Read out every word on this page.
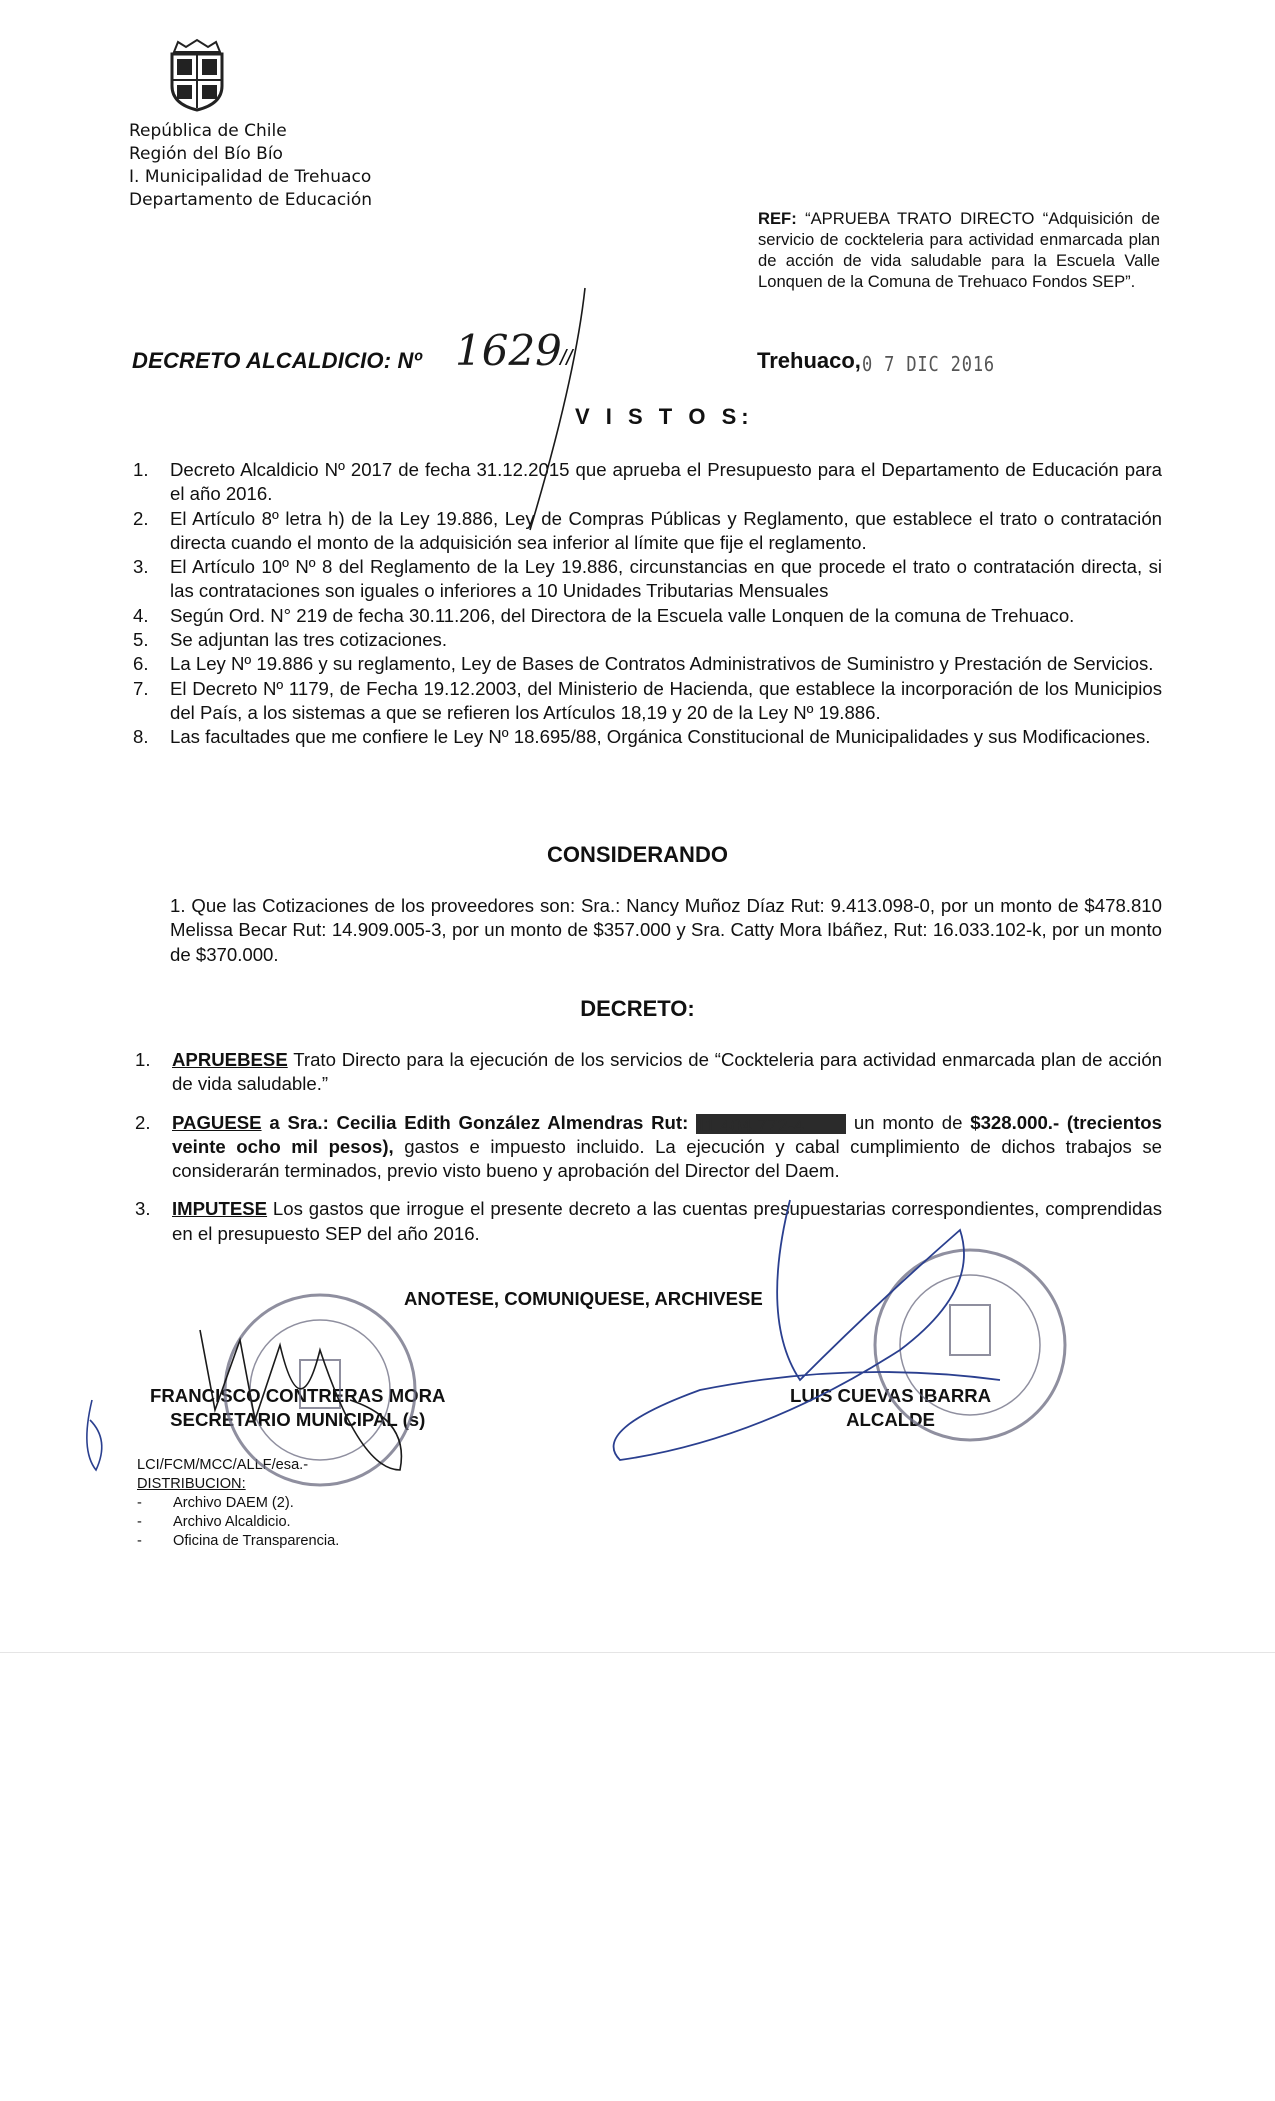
República de Chile
Región del Bío Bío
I. Municipalidad de Trehuaco
Departamento de Educación
REF: “APRUEBA TRATO DIRECTO “Adquisición de servicio de cockteleria para actividad enmarcada plan de acción de vida saludable para la Escuela Valle Lonquen de la Comuna de Trehuaco Fondos SEP”.
DECRETO ALCALDICIO: Nº 1629
//	Trehuaco, 0 7 DIC 2016
V I S T O S:
1. Decreto Alcaldicio Nº 2017 de fecha 31.12.2015 que aprueba el Presupuesto para el Departamento de Educación para el año 2016.
2. El Artículo 8º letra h) de la Ley 19.886, Ley de Compras Públicas y Reglamento, que establece el trato o contratación directa cuando el monto de la adquisición sea inferior al límite que fije el reglamento.
3. El Artículo 10º Nº 8 del Reglamento de la Ley 19.886, circunstancias en que procede el trato o contratación directa, si las contrataciones son iguales o inferiores a 10 Unidades Tributarias Mensuales
4. Según Ord. N° 219 de fecha 30.11.206, del Directora de la Escuela valle Lonquen de la comuna de Trehuaco.
5. Se adjuntan las tres cotizaciones.
6. La Ley Nº 19.886 y su reglamento, Ley de Bases de Contratos Administrativos de Suministro y Prestación de Servicios.
7. El Decreto Nº 1179, de Fecha 19.12.2003, del Ministerio de Hacienda, que establece la incorporación de los Municipios del País, a los sistemas a que se refieren los Artículos 18,19 y 20 de la Ley Nº 19.886.
8. Las facultades que me confiere le Ley Nº 18.695/88, Orgánica Constitucional de Municipalidades y sus Modificaciones.
CONSIDERANDO
1. Que las Cotizaciones de los proveedores son: Sra.: Nancy Muñoz Díaz Rut: 9.413.098-0, por un monto de $478.810 Melissa Becar Rut: 14.909.005-3, por un monto de $357.000 y Sra. Catty Mora Ibáñez, Rut: 16.033.102-k, por un monto de $370.000.
DECRETO:
1. APRUEBESE Trato Directo para la ejecución de los servicios de “Cockteleria para actividad enmarcada plan de acción de vida saludable.”
2. PAGUESE a Sra.: Cecilia Edith González Almendras Rut: 11.404.772-4 un monto de $328.000.- (trecientos veinte ocho mil pesos), gastos e impuesto incluido. La ejecución y cabal cumplimiento de dichos trabajos se considerarán terminados, previo visto bueno y aprobación del Director del Daem.
3. IMPUTESE Los gastos que irrogue el presente decreto a las cuentas presupuestarias correspondientes, comprendidas en el presupuesto SEP del año 2016.
ANOTESE, COMUNIQUESE, ARCHIVESE
FRANCISCO CONTRERAS MORA
SECRETARIO MUNICIPAL (s)
LUIS CUEVAS IBARRA
ALCALDE
LCI/FCM/MCC/ALLF/esa.-
DISTRIBUCION:
- Archivo DAEM (2).
- Archivo Alcaldicio.
- Oficina de Transparencia.
